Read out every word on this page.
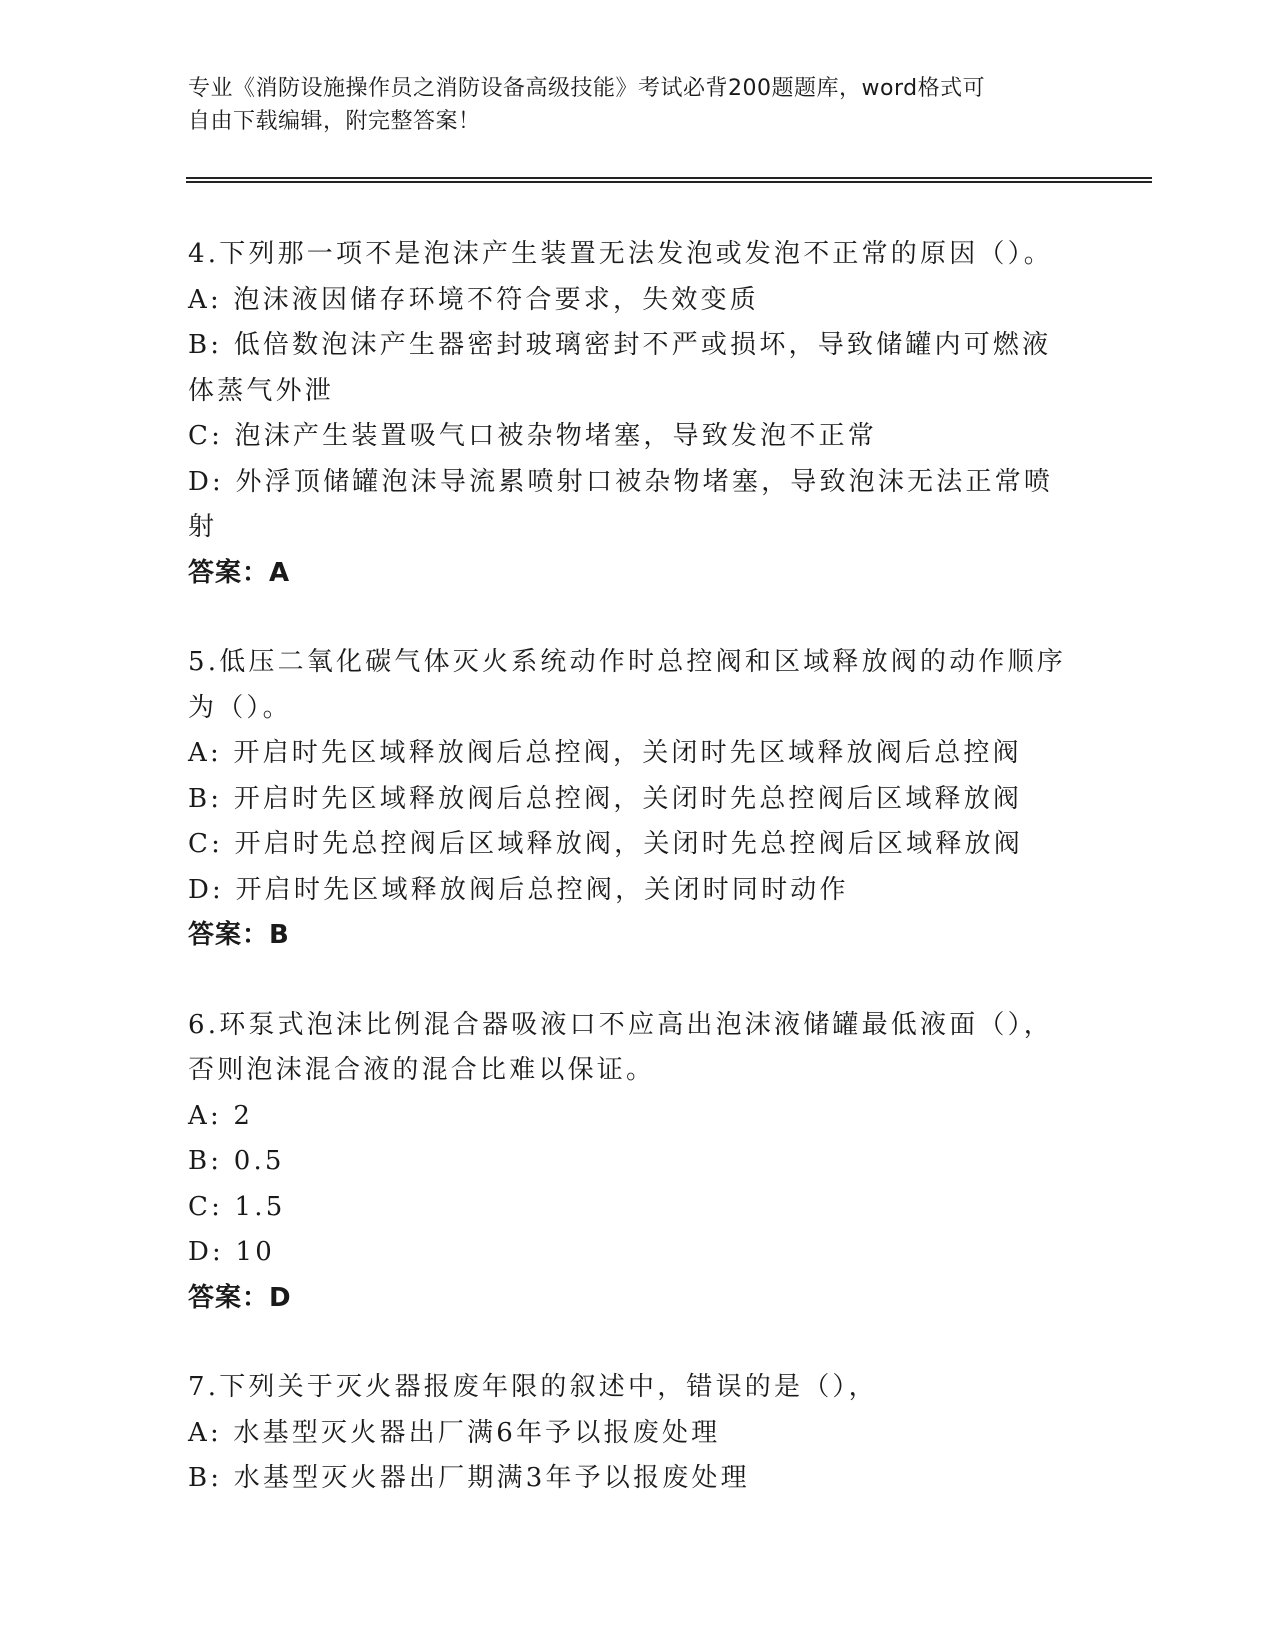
专业《消防设施操作员之消防设备高级技能》考试必背200题题库，word格式可
自由下载编辑，附完整答案！
4.下列那一项不是泡沫产生装置无法发泡或发泡不正常的原因（）。
A: 泡沫液因储存环境不符合要求，失效变质
B: 低倍数泡沫产生器密封玻璃密封不严或损坏，导致储罐内可燃液体蒸气外泄
C: 泡沫产生装置吸气口被杂物堵塞，导致发泡不正常
D: 外浮顶储罐泡沫导流累喷射口被杂物堵塞，导致泡沫无法正常喷射
答案：A
5.低压二氧化碳气体灭火系统动作时总控阀和区域释放阀的动作顺序为（）。
A: 开启时先区域释放阀后总控阀，关闭时先区域释放阀后总控阀
B: 开启时先区域释放阀后总控阀，关闭时先总控阀后区域释放阀
C: 开启时先总控阀后区域释放阀，关闭时先总控阀后区域释放阀
D: 开启时先区域释放阀后总控阀，关闭时同时动作
答案：B
6.环泵式泡沫比例混合器吸液口不应高出泡沫液储罐最低液面（），否则泡沫混合液的混合比难以保证。
A: 2
B: 0.5
C: 1.5
D: 10
答案：D
7.下列关于灭火器报废年限的叙述中，错误的是（），
A: 水基型灭火器出厂满6年予以报废处理
B: 水基型灭火器出厂期满3年予以报废处理
